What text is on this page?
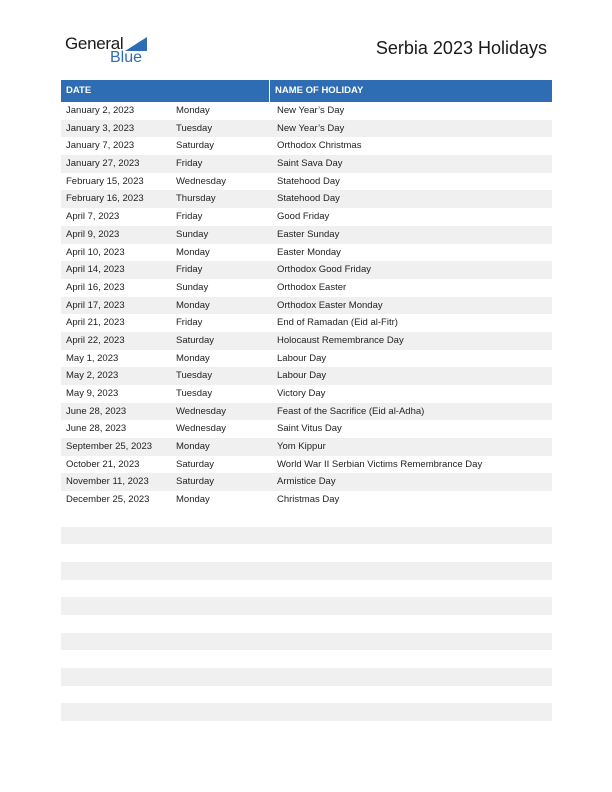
General
Blue	Serbia 2023 Holidays
DATE	NAME OF HOLIDAY
January 2, 2023	Monday	New Year’s Day
January 3, 2023	Tuesday	New Year’s Day
January 7, 2023	Saturday	Orthodox Christmas
January 27, 2023	Friday	Saint Sava Day
February 15, 2023	Wednesday	Statehood Day
February 16, 2023	Thursday	Statehood Day
April 7, 2023	Friday	Good Friday
April 9, 2023	Sunday	Easter Sunday
April 10, 2023	Monday	Easter Monday
April 14, 2023	Friday	Orthodox Good Friday
April 16, 2023	Sunday	Orthodox Easter
April 17, 2023	Monday	Orthodox Easter Monday
April 21, 2023	Friday	End of Ramadan (Eid al-Fitr)
April 22, 2023	Saturday	Holocaust Remembrance Day
May 1, 2023	Monday	Labour Day
May 2, 2023	Tuesday	Labour Day
May 9, 2023	Tuesday	Victory Day
June 28, 2023	Wednesday	Feast of the Sacrifice (Eid al-Adha)
June 28, 2023	Wednesday	Saint Vitus Day
September 25, 2023	Monday	Yom Kippur
October 21, 2023	Saturday	World War II Serbian Victims Remembrance Day
November 11, 2023	Saturday	Armistice Day
December 25, 2023	Monday	Christmas Day
